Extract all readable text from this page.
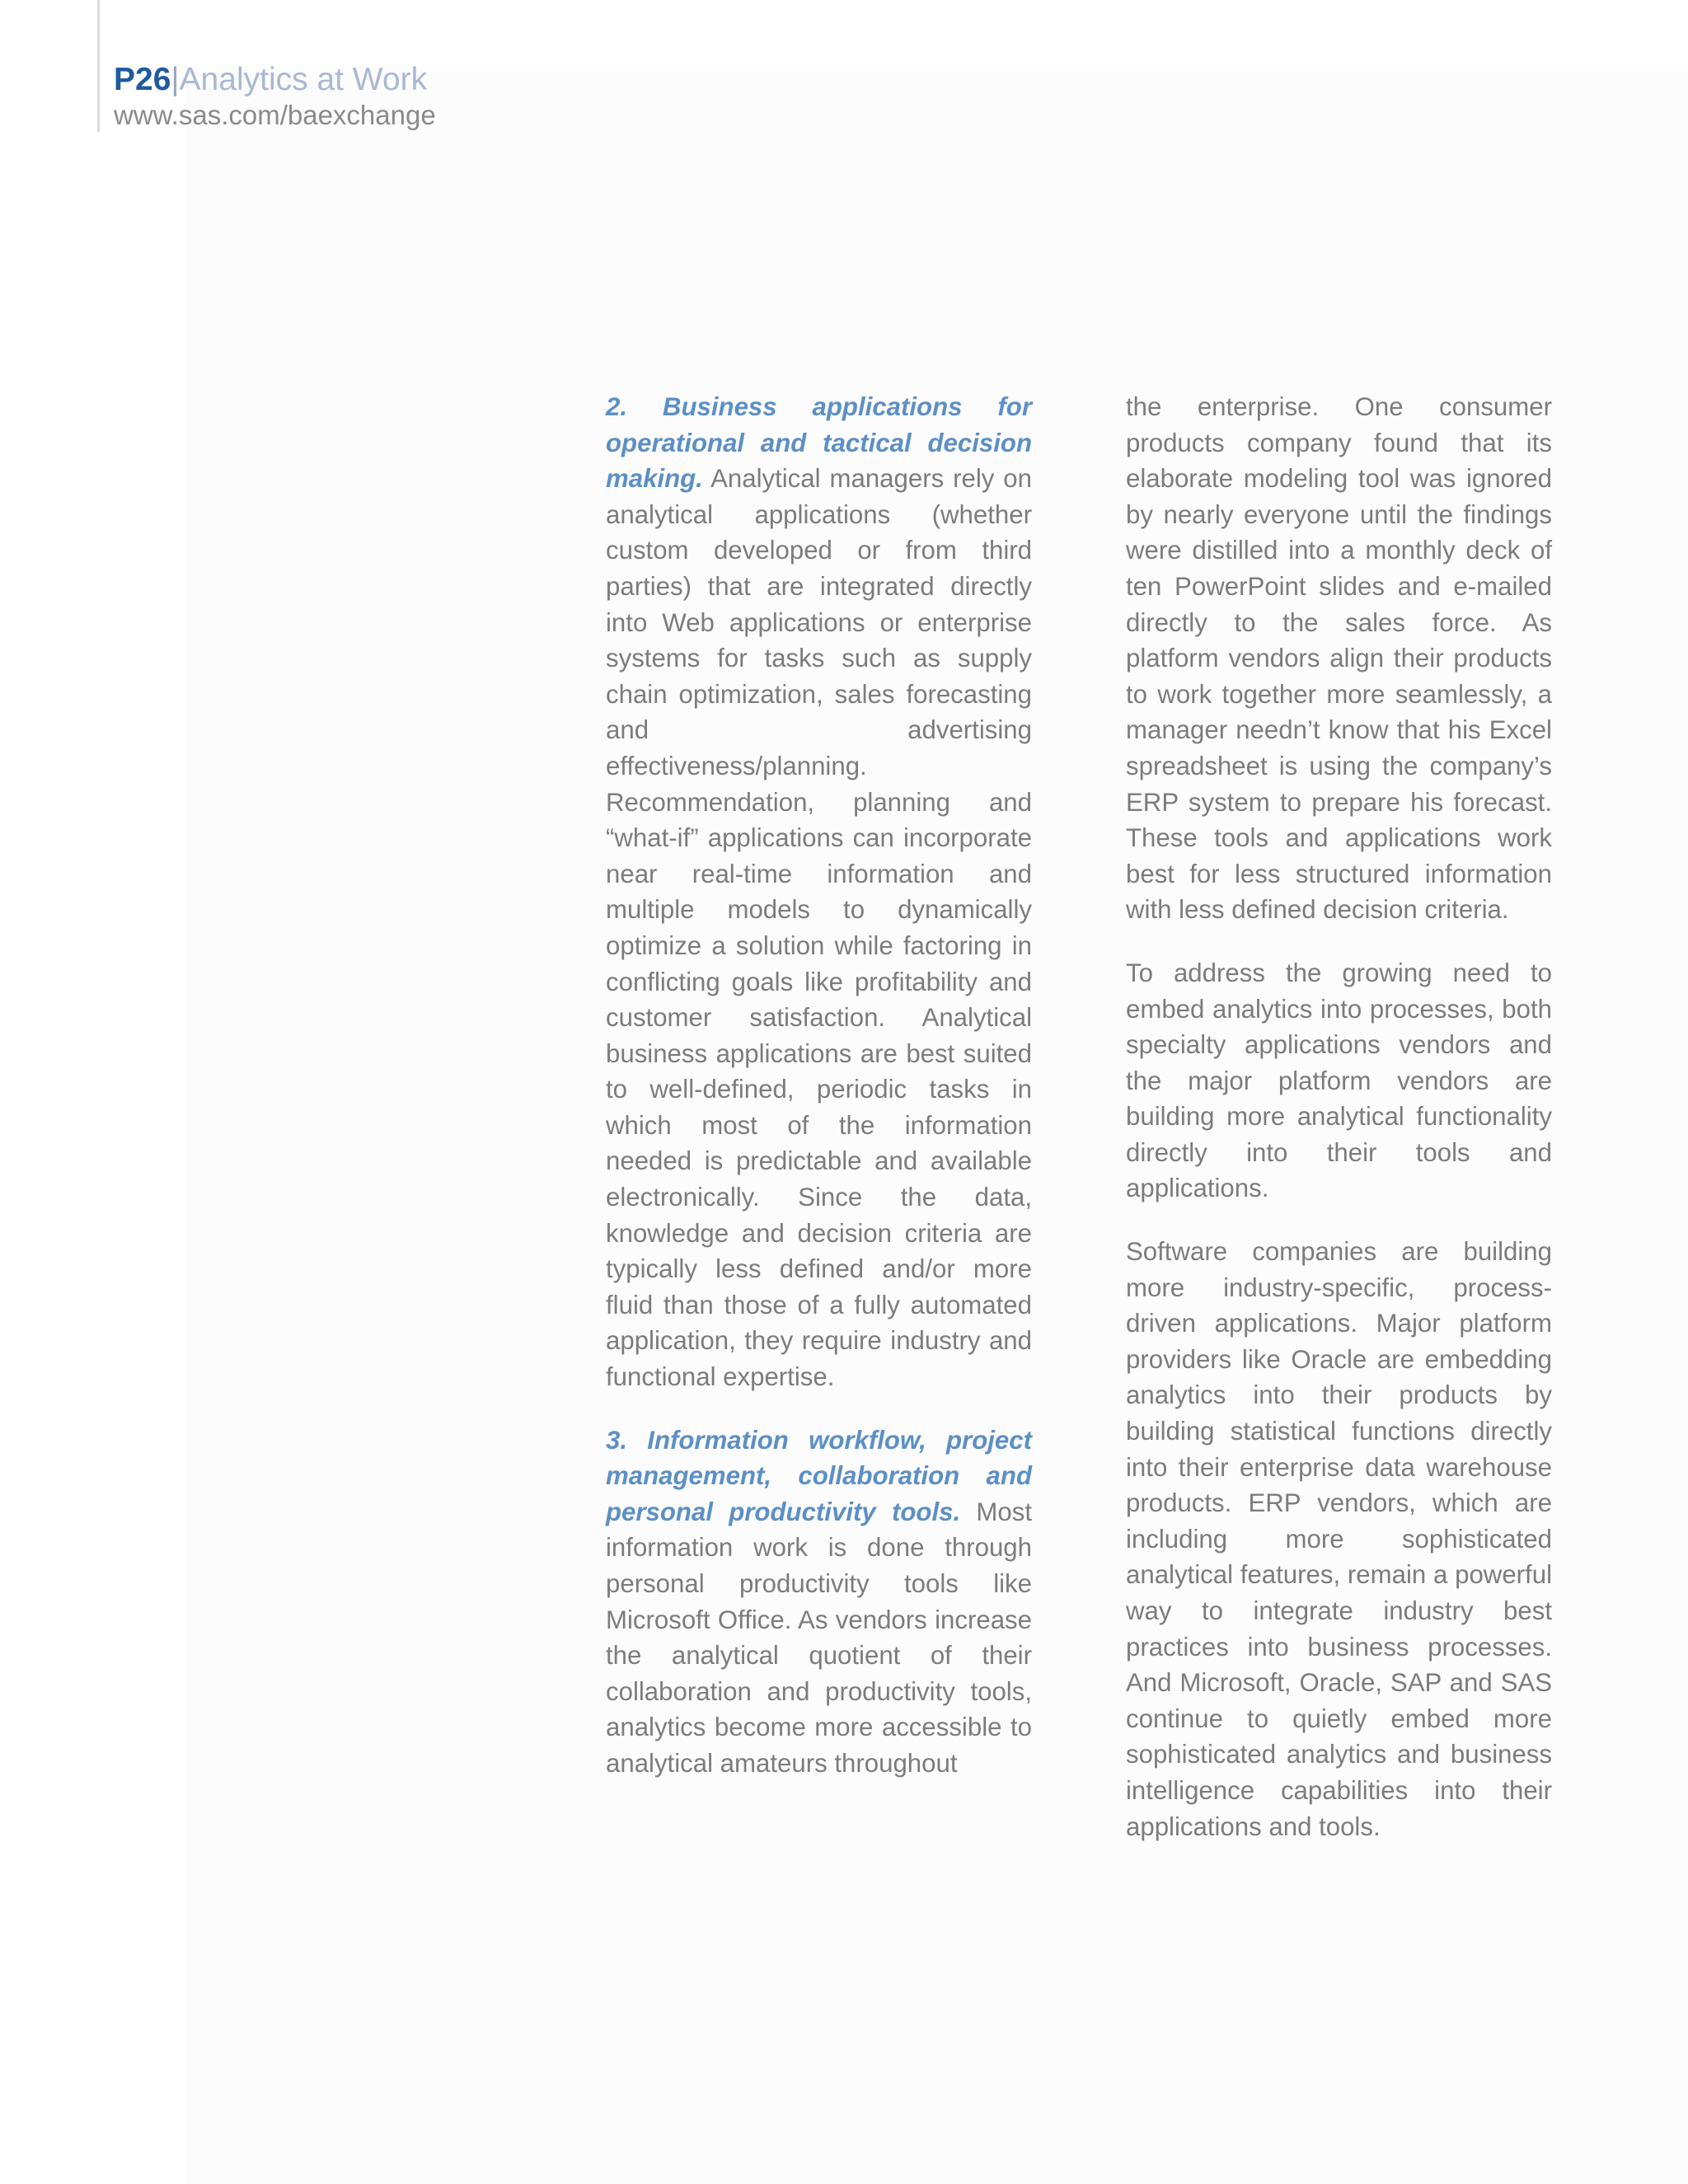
P26|Analytics at Work
www.sas.com/baexchange

2. Business applications for operational and tactical decision making. Analytical managers rely on analytical applications (whether custom developed or from third parties) that are integrated directly into Web applications or enterprise systems for tasks such as supply chain optimization, sales forecasting and advertising effectiveness/planning. Recommendation, planning and “what-if” applications can incorporate near real-time information and multiple models to dynamically optimize a solution while factoring in conflicting goals like profitability and customer satisfaction. Analytical business applications are best suited to well-defined, periodic tasks in which most of the information needed is predictable and available electronically. Since the data, knowledge and decision criteria are typically less defined and/or more fluid than those of a fully automated application, they require industry and functional expertise.

3. Information workflow, project management, collaboration and personal productivity tools. Most information work is done through personal productivity tools like Microsoft Office. As vendors increase the analytical quotient of their collaboration and productivity tools, analytics become more accessible to analytical amateurs throughout

the enterprise. One consumer products company found that its elaborate modeling tool was ignored by nearly everyone until the findings were distilled into a monthly deck of ten PowerPoint slides and e-mailed directly to the sales force. As platform vendors align their products to work together more seamlessly, a manager needn’t know that his Excel spreadsheet is using the company’s ERP system to prepare his forecast. These tools and applications work best for less structured information with less defined decision criteria.

To address the growing need to embed analytics into processes, both specialty applications vendors and the major platform vendors are building more analytical functionality directly into their tools and applications.

Software companies are building more industry-specific, process-driven applications. Major platform providers like Oracle are embedding analytics into their products by building statistical functions directly into their enterprise data warehouse products. ERP vendors, which are including more sophisticated analytical features, remain a powerful way to integrate industry best practices into business processes. And Microsoft, Oracle, SAP and SAS continue to quietly embed more sophisticated analytics and business intelligence capabilities into their applications and tools.
